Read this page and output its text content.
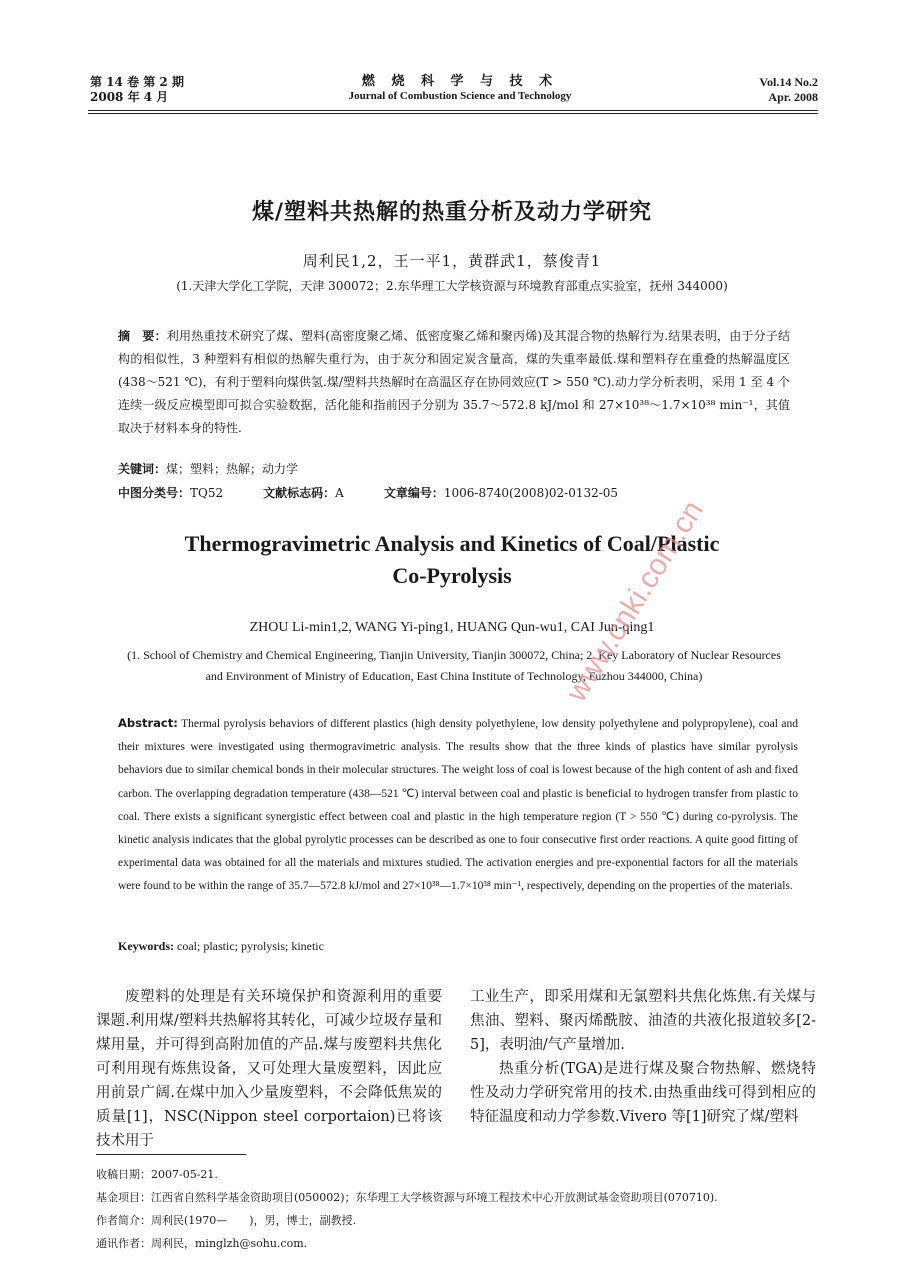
第 14 卷 第 2 期
2008 年 4 月
燃 烧 科 学 与 技 术
Journal of Combustion Science and Technology
Vol.14 No.2
Apr. 2008
煤/塑料共热解的热重分析及动力学研究
周利民1,2，王一平1，黄群武1，蔡俊青1
(1.天津大学化工学院，天津 300072；2.东华理工大学核资源与环境教育部重点实验室，抚州 344000)
摘　要：利用热重技术研究了煤、塑料(高密度聚乙烯、低密度聚乙烯和聚丙烯)及其混合物的热解行为.结果表明，由于分子结构的相似性，3 种塑料有相似的热解失重行为，由于灰分和固定炭含量高，煤的失重率最低.煤和塑料存在重叠的热解温度区(438～521 ℃)，有利于塑料向煤供氢.煤/塑料共热解时在高温区存在协同效应(T > 550 ℃).动力学分析表明，采用 1 至 4 个连续一级反应模型即可拟合实验数据，活化能和指前因子分别为 35.7～572.8 kJ/mol 和 27×10³⁸～1.7×10³⁸ min⁻¹，其值取决于材料本身的特性.
关键词：煤；塑料；热解；动力学
中图分类号：TQ52	文献标志码：A	文章编号：1006-8740(2008)02-0132-05
Thermogravimetric Analysis and Kinetics of Coal/Plastic
Co-Pyrolysis
ZHOU Li-min1,2, WANG Yi-ping1, HUANG Qun-wu1, CAI Jun-qing1
(1. School of Chemistry and Chemical Engineering, Tianjin University, Tianjin 300072, China; 2. Key Laboratory of Nuclear Resources and Environment of Ministry of Education, East China Institute of Technology, Fuzhou 344000, China)
Abstract: Thermal pyrolysis behaviors of different plastics (high density polyethylene, low density polyethylene and polypropylene), coal and their mixtures were investigated using thermogravimetric analysis. The results show that the three kinds of plastics have similar pyrolysis behaviors due to similar chemical bonds in their molecular structures. The weight loss of coal is lowest because of the high content of ash and fixed carbon. The overlapping degradation temperature (438—521 ℃) interval between coal and plastic is beneficial to hydrogen transfer from plastic to coal. There exists a significant synergistic effect between coal and plastic in the high temperature region (T > 550 ℃) during co-pyrolysis. The kinetic analysis indicates that the global pyrolytic processes can be described as one to four consecutive first order reactions. A quite good fitting of experimental data was obtained for all the materials and mixtures studied. The activation energies and pre-exponential factors for all the materials were found to be within the range of 35.7—572.8 kJ/mol and 27×10³⁸—1.7×10³⁸ min⁻¹, respectively, depending on the properties of the materials.
Keywords: coal; plastic; pyrolysis; kinetic

废塑料的处理是有关环境保护和资源利用的重要课题.利用煤/塑料共热解将其转化，可减少垃圾存量和煤用量，并可得到高附加值的产品.煤与废塑料共焦化可利用现有炼焦设备，又可处理大量废塑料，因此应用前景广阔.在煤中加入少量废塑料，不会降低焦炭的质量[1]，NSC(Nippon steel corportaion)已将该技术用于

工业生产，即采用煤和无氯塑料共焦化炼焦.有关煤与焦油、塑料、聚丙烯酰胺、油渣的共液化报道较多[2-5]，表明油/气产量增加.

热重分析(TGA)是进行煤及聚合物热解、燃烧特性及动力学研究常用的技术.由热重曲线可得到相应的特征温度和动力学参数.Vivero 等[1]研究了煤/塑料

收稿日期：2007-05-21.
基金项目：江西省自然科学基金资助项目(050002)；东华理工大学核资源与环境工程技术中心开放测试基金资助项目(070710).
作者简介：周利民(1970—　　)，男，博士，副教授.
通讯作者：周利民，minglzh@sohu.com.
www.cnki.com.cn
